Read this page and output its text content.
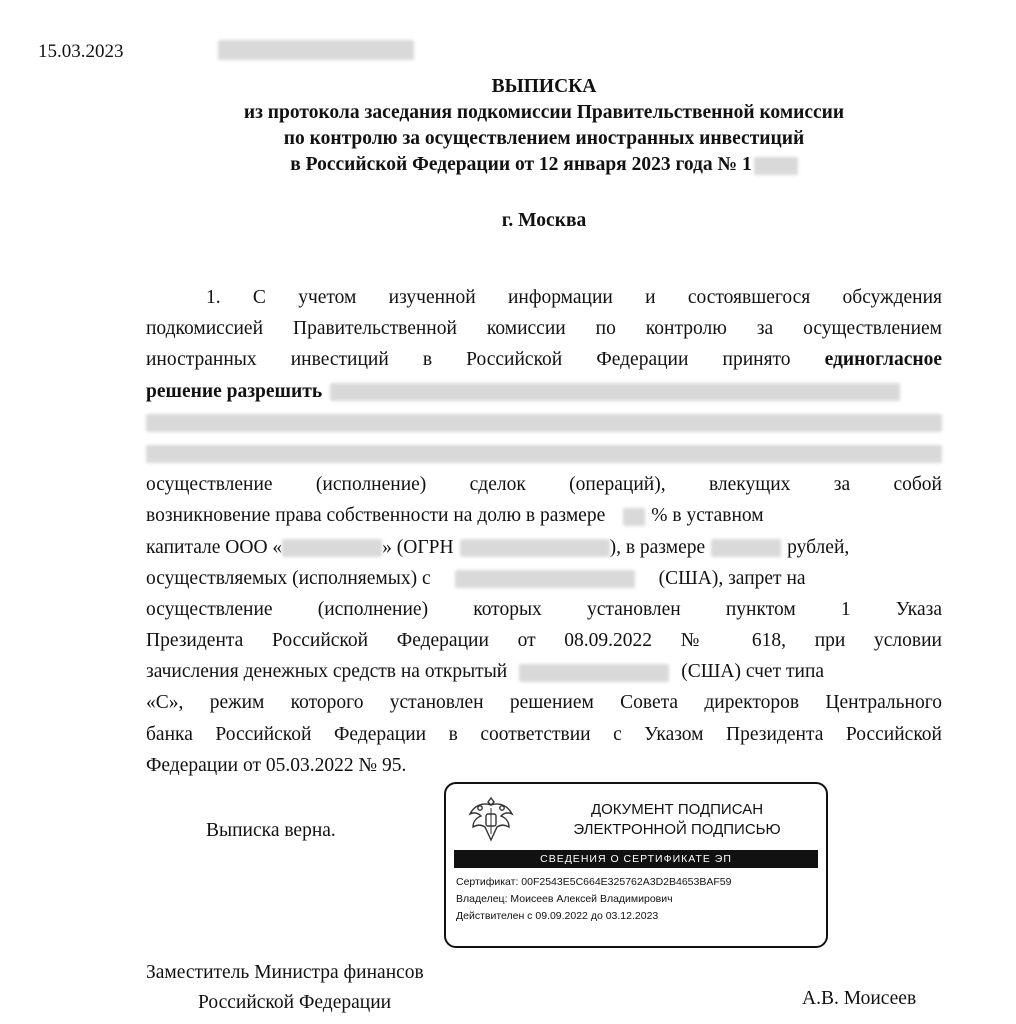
15.03.2023
ВЫПИСКА
из протокола заседания подкомиссии Правительственной комиссии
по контролю за осуществлением иностранных инвестиций
в Российской Федерации от 12 января 2023 года № 1
г. Москва
1. С учетом изученной информации и состоявшегося обсуждения
подкомиссией Правительственной комиссии по контролю за осуществлением
иностранных инвестиций в Российской Федерации принято единогласное
решение разрешить
осуществление (исполнение) сделок (операций), влекущих за собой
возникновение права собственности на долю в размере % в уставном
капитале ООО «	» (ОГРН	), в размере	рублей,
осуществляемых (исполняемых) с	(США), запрет на
осуществление (исполнение) которых установлен пунктом 1 Указа
Президента Российской Федерации от 08.09.2022 № 618, при условии
зачисления денежных средств на открытый	(США) счет типа
«С», режим которого установлен решением Совета директоров Центрального
банка Российской Федерации в соответствии с Указом Президента Российской
Федерации от 05.03.2022 № 95.
Выписка верна.
ДОКУМЕНТ ПОДПИСАН
ЭЛЕКТРОННОЙ ПОДПИСЬЮ
СВЕДЕНИЯ О СЕРТИФИКАТЕ ЭП
Сертификат: 00F2543E5C664E325762A3D2B4653BAF59
Владелец: Моисеев Алексей Владимирович
Действителен с 09.09.2022 до 03.12.2023
Заместитель Министра финансов
Российской Федерации	А.В. Моисеев
